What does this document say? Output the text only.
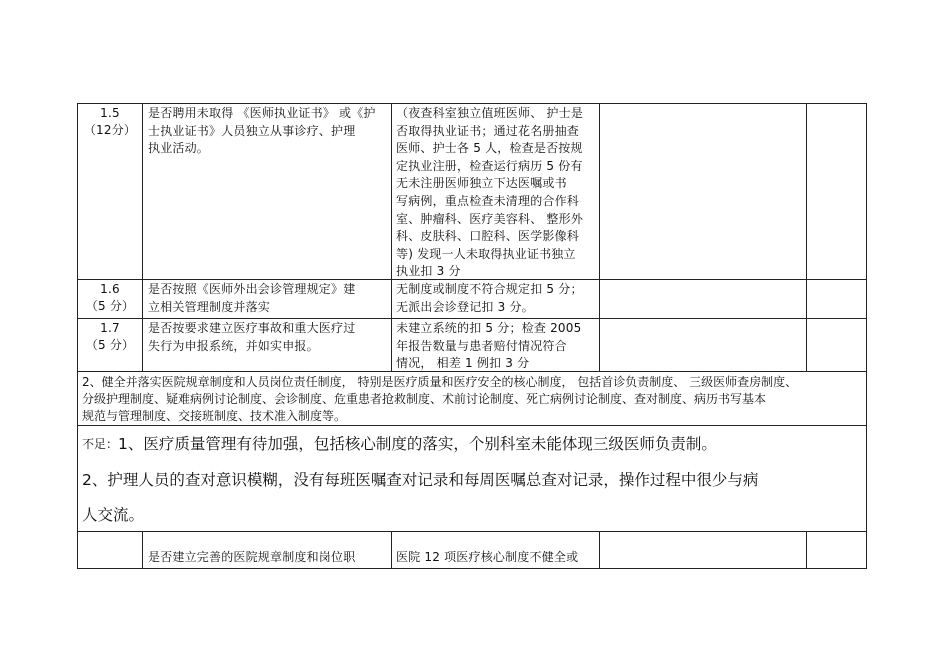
1.5
（12分）
是否聘用未取得 《医师执业证书》 或《护
士执业证书》人员独立从事诊疗、护理
执业活动。
（夜查科室独立值班医师、 护士是
否取得执业证书；通过花名册抽查
医师、护士各 5 人，检查是否按规
定执业注册，检查运行病历 5 份有
无未注册医师独立下达医嘱或书
写病例，重点检查未清理的合作科
室、肿瘤科、医疗美容科、 整形外
科、皮肤科、口腔科、医学影像科
等) 发现一人未取得执业证书独立
执业扣 3 分
1.6
（5 分）
是否按照《医师外出会诊管理规定》建
立相关管理制度并落实
无制度或制度不符合规定扣 5 分；
无派出会诊登记扣 3 分。
1.7
（5 分）
是否按要求建立医疗事故和重大医疗过
失行为申报系统，并如实申报。
未建立系统的扣 5 分；检查 2005
年报告数量与患者赔付情况符合
情况， 相差 1 例扣 3 分
2、健全并落实医院规章制度和人员岗位责任制度， 特别是医疗质量和医疗安全的核心制度， 包括首诊负责制度、 三级医师查房制度、
分级护理制度、疑难病例讨论制度、会诊制度、危重患者抢救制度、术前讨论制度、死亡病例讨论制度、查对制度、病历书写基本
规范与管理制度、交接班制度、技术准入制度等。
不足： 1、医疗质量管理有待加强，包括核心制度的落实，个别科室未能体现三级医师负责制。
2、护理人员的查对意识模糊，没有每班医嘱查对记录和每周医嘱总查对记录，操作过程中很少与病
人交流。
是否建立完善的医院规章制度和岗位职	医院 12 项医疗核心制度不健全或
